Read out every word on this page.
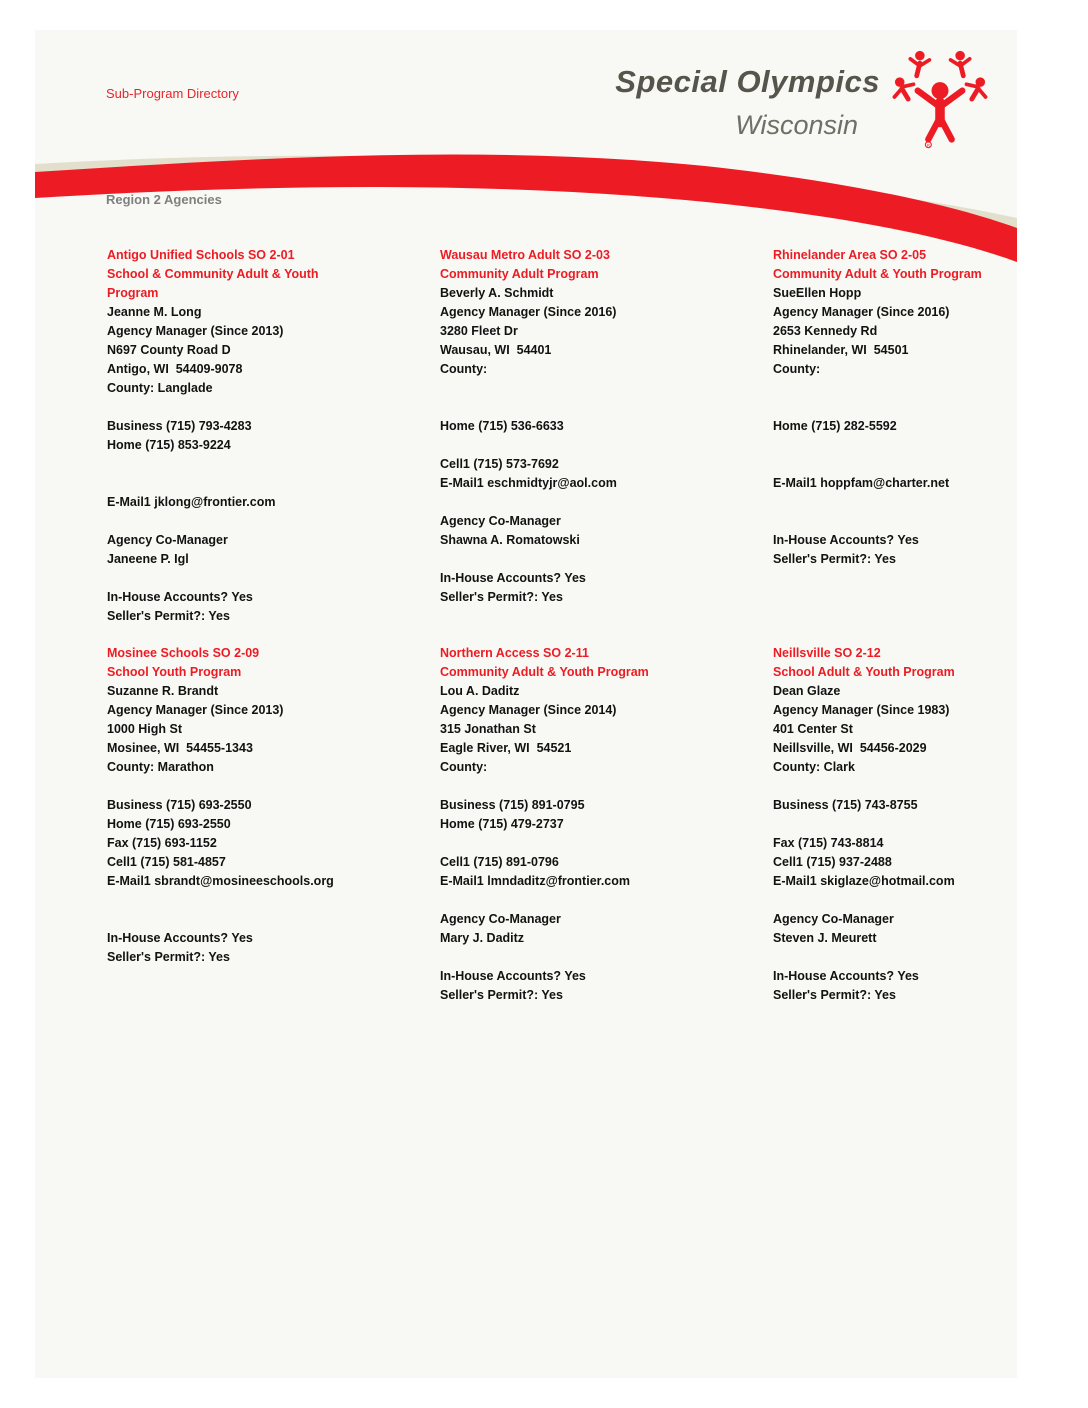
Sub-Program Directory	Special Olympics
Wisconsin
R
Region 2 Agencies
Antigo Unified Schools SO 2-01
School & Community Adult & Youth Program
Jeanne M. Long
Agency Manager (Since 2013)
N697 County Road D
Antigo, WI  54409-9078
County: Langlade
Business (715) 793-4283
Home (715) 853-9224
E-Mail1 jklong@frontier.com
Agency Co-Manager
Janeene P. Igl
In-House Accounts? Yes
Seller's Permit?: Yes
Wausau Metro Adult SO 2-03
Community Adult Program
Beverly A. Schmidt
Agency Manager (Since 2016)
3280 Fleet Dr
Wausau, WI  54401
County:
Home (715) 536-6633
Cell1 (715) 573-7692
E-Mail1 eschmidtyjr@aol.com
Agency Co-Manager
Shawna A. Romatowski
In-House Accounts? Yes
Seller's Permit?: Yes
Rhinelander Area SO 2-05
Community Adult & Youth Program
SueEllen Hopp
Agency Manager (Since 2016)
2653 Kennedy Rd
Rhinelander, WI  54501
County:
Home (715) 282-5592
E-Mail1 hoppfam@charter.net
In-House Accounts? Yes
Seller's Permit?: Yes
Mosinee Schools SO 2-09
School Youth Program
Suzanne R. Brandt
Agency Manager (Since 2013)
1000 High St
Mosinee, WI  54455-1343
County: Marathon
Business (715) 693-2550
Home (715) 693-2550
Fax (715) 693-1152
Cell1 (715) 581-4857
E-Mail1 sbrandt@mosineeschools.org
In-House Accounts? Yes
Seller's Permit?: Yes
Northern Access SO 2-11
Community Adult & Youth Program
Lou A. Daditz
Agency Manager (Since 2014)
315 Jonathan St
Eagle River, WI  54521
County:
Business (715) 891-0795
Home (715) 479-2737
Cell1 (715) 891-0796
E-Mail1 lmndaditz@frontier.com
Agency Co-Manager
Mary J. Daditz
In-House Accounts? Yes
Seller's Permit?: Yes
Neillsville SO 2-12
School Adult & Youth Program
Dean Glaze
Agency Manager (Since 1983)
401 Center St
Neillsville, WI  54456-2029
County: Clark
Business (715) 743-8755
Fax (715) 743-8814
Cell1 (715) 937-2488
E-Mail1 skiglaze@hotmail.com
Agency Co-Manager
Steven J. Meurett
In-House Accounts? Yes
Seller's Permit?: Yes
